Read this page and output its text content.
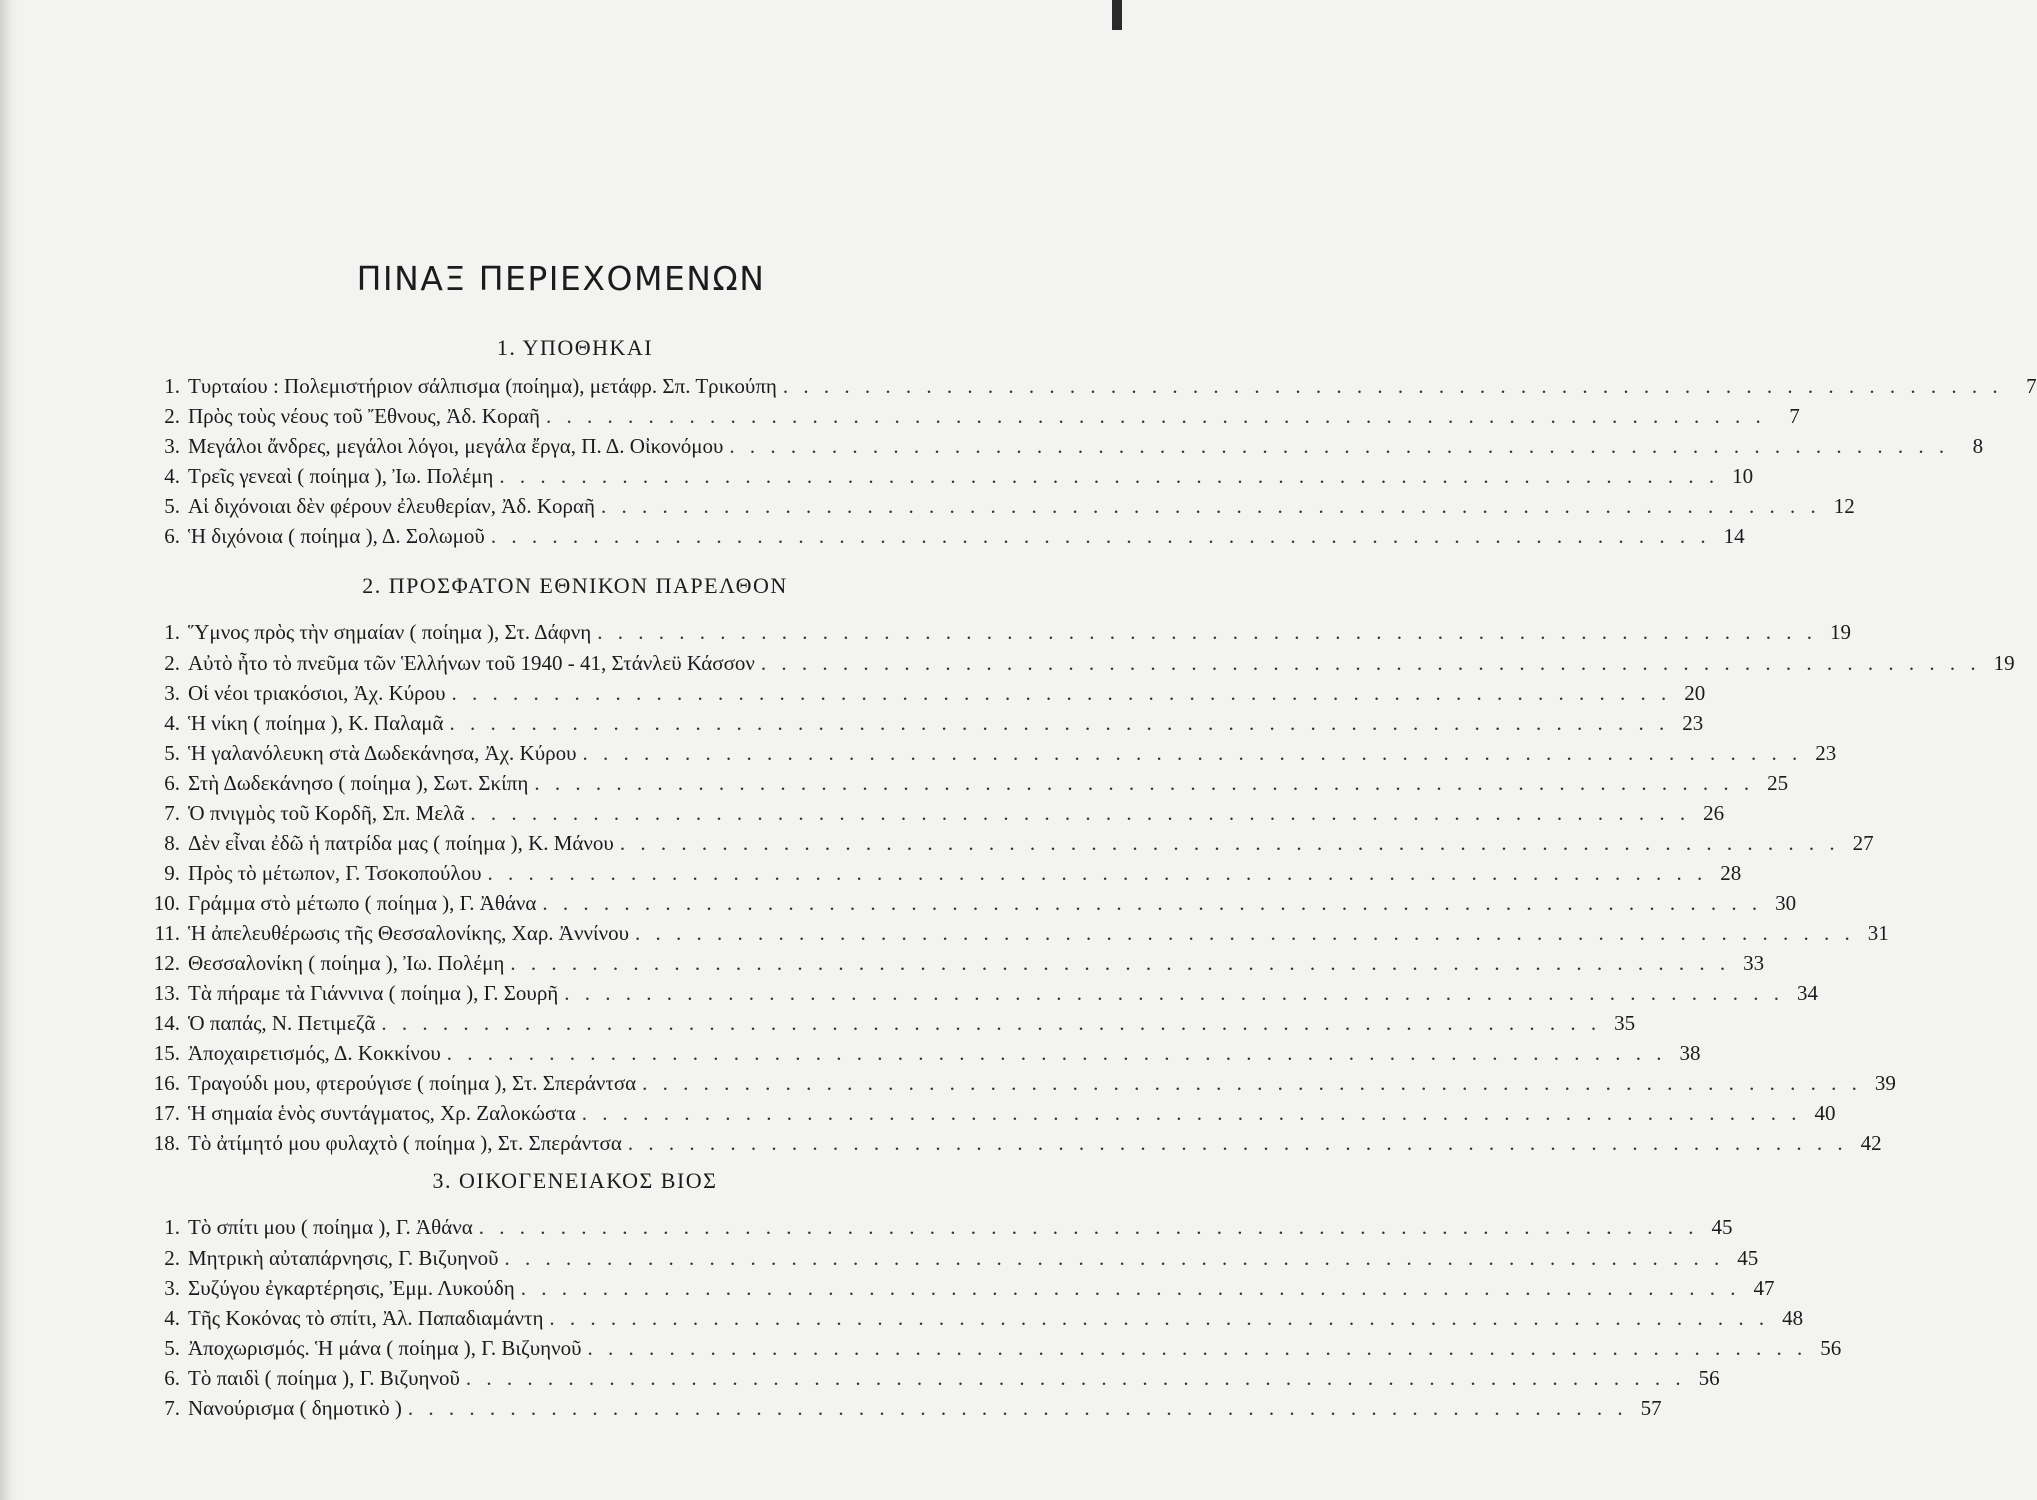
ΠΙΝΑΞ ΠΕΡΙΕΧΟΜΕΝΩΝ
1. ΥΠΟΘΗΚΑΙ
1. Τυρταίου : Πολεμιστήριον σάλπισμα (ποίημα), μετάφρ. Σπ. Τρικούπη . . . . . . . . . . . . . . . . . . . . . . . . . . . . . . . . . . . . . . . . . . . . . . . . . . . . . . . . . . . .	7
2. Πρὸς τοὺς νέους τοῦ Ἔθνους, Ἀδ. Κοραῆ . . . . . . . . . . . . . . . . . . . . . . . . . . . . . . . . . . . . . . . . . . . . . . . . . . . . . . . . . . . .	7
3. Μεγάλοι ἄνδρες, μεγάλοι λόγοι, μεγάλα ἔργα, Π. Δ. Οἰκονόμου . . . . . . . . . . . . . . . . . . . . . . . . . . . . . . . . . . . . . . . . . . . . . . . . . . . . . . . . . . . .	8
4. Τρεῖς γενεαὶ ( ποίημα ), Ἰω. Πολέμη . . . . . . . . . . . . . . . . . . . . . . . . . . . . . . . . . . . . . . . . . . . . . . . . . . . . . . . . . . . . 10
5. Αἱ διχόνοιαι δὲν φέρουν ἐλευθερίαν, Ἀδ. Κοραῆ . . . . . . . . . . . . . . . . . . . . . . . . . . . . . . . . . . . . . . . . . . . . . . . . . . . . . . . . . . . . 12
6. Ἡ διχόνοια ( ποίημα ), Δ. Σολωμοῦ . . . . . . . . . . . . . . . . . . . . . . . . . . . . . . . . . . . . . . . . . . . . . . . . . . . . . . . . . . . . 14
2. ΠΡΟΣΦΑΤΟΝ ΕΘΝΙΚΟΝ ΠΑΡΕΛΘΟΝ
1. Ὕμνος πρὸς τὴν σημαίαν ( ποίημα ), Στ. Δάφνη . . . . . . . . . . . . . . . . . . . . . . . . . . . . . . . . . . . . . . . . . . . . . . . . . . . . . . . . . . . . 19
2. Αὐτὸ ἦτο τὸ πνεῦμα τῶν Ἑλλήνων τοῦ 1940 - 41, Στάνλεϋ Κάσσον . . . . . . . . . . . . . . . . . . . . . . . . . . . . . . . . . . . . . . . . . . . . . . . . . . . . . . . . . . . . 19
3. Οἱ νέοι τριακόσιοι, Ἀχ. Κύρου . . . . . . . . . . . . . . . . . . . . . . . . . . . . . . . . . . . . . . . . . . . . . . . . . . . . . . . . . . . . 20
4. Ἡ νίκη ( ποίημα ), Κ. Παλαμᾶ . . . . . . . . . . . . . . . . . . . . . . . . . . . . . . . . . . . . . . . . . . . . . . . . . . . . . . . . . . . . 23
5. Ἡ γαλανόλευκη στὰ Δωδεκάνησα, Ἀχ. Κύρου . . . . . . . . . . . . . . . . . . . . . . . . . . . . . . . . . . . . . . . . . . . . . . . . . . . . . . . . . . . . 23
6. Στὴ Δωδεκάνησο ( ποίημα ), Σωτ. Σκίπη . . . . . . . . . . . . . . . . . . . . . . . . . . . . . . . . . . . . . . . . . . . . . . . . . . . . . . . . . . . . 25
7. Ὁ πνιγμὸς τοῦ Κορδῆ, Σπ. Μελᾶ . . . . . . . . . . . . . . . . . . . . . . . . . . . . . . . . . . . . . . . . . . . . . . . . . . . . . . . . . . . . 26
8. Δὲν εἶναι ἐδῶ ἡ πατρίδα μας ( ποίημα ), Κ. Μάνου . . . . . . . . . . . . . . . . . . . . . . . . . . . . . . . . . . . . . . . . . . . . . . . . . . . . . . . . . . . . 27
9. Πρὸς τὸ μέτωπον, Γ. Τσοκοπούλου . . . . . . . . . . . . . . . . . . . . . . . . . . . . . . . . . . . . . . . . . . . . . . . . . . . . . . . . . . . . 28
10. Γράμμα στὸ μέτωπο ( ποίημα ), Γ. Ἀθάνα . . . . . . . . . . . . . . . . . . . . . . . . . . . . . . . . . . . . . . . . . . . . . . . . . . . . . . . . . . . . 30
11. Ἡ ἀπελευθέρωσις τῆς Θεσσαλονίκης, Χαρ. Ἀννίνου . . . . . . . . . . . . . . . . . . . . . . . . . . . . . . . . . . . . . . . . . . . . . . . . . . . . . . . . . . . . 31
12. Θεσσαλονίκη ( ποίημα ), Ἰω. Πολέμη . . . . . . . . . . . . . . . . . . . . . . . . . . . . . . . . . . . . . . . . . . . . . . . . . . . . . . . . . . . . 33
13. Τὰ πήραμε τὰ Γιάννινα ( ποίημα ), Γ. Σουρῆ . . . . . . . . . . . . . . . . . . . . . . . . . . . . . . . . . . . . . . . . . . . . . . . . . . . . . . . . . . . . 34
14. Ὁ παπάς, Ν. Πετιμεζᾶ . . . . . . . . . . . . . . . . . . . . . . . . . . . . . . . . . . . . . . . . . . . . . . . . . . . . . . . . . . . . 35
15. Ἀποχαιρετισμός, Δ. Κοκκίνου . . . . . . . . . . . . . . . . . . . . . . . . . . . . . . . . . . . . . . . . . . . . . . . . . . . . . . . . . . . . 38
16. Τραγούδι μου, φτερούγισε ( ποίημα ), Στ. Σπεράντσα . . . . . . . . . . . . . . . . . . . . . . . . . . . . . . . . . . . . . . . . . . . . . . . . . . . . . . . . . . . . 39
17. Ἡ σημαία ἑνὸς συντάγματος, Χρ. Ζαλοκώστα . . . . . . . . . . . . . . . . . . . . . . . . . . . . . . . . . . . . . . . . . . . . . . . . . . . . . . . . . . . . 40
18. Τὸ ἀτίμητό μου φυλαχτὸ ( ποίημα ), Στ. Σπεράντσα . . . . . . . . . . . . . . . . . . . . . . . . . . . . . . . . . . . . . . . . . . . . . . . . . . . . . . . . . . . . 42
3. ΟΙΚΟΓΕΝΕΙΑΚΟΣ ΒΙΟΣ
1. Τὸ σπίτι μου ( ποίημα ), Γ. Ἀθάνα . . . . . . . . . . . . . . . . . . . . . . . . . . . . . . . . . . . . . . . . . . . . . . . . . . . . . . . . . . . . 45
2. Μητρικὴ αὐταπάρνησις, Γ. Βιζυηνοῦ . . . . . . . . . . . . . . . . . . . . . . . . . . . . . . . . . . . . . . . . . . . . . . . . . . . . . . . . . . . . 45
3. Συζύγου ἐγκαρτέρησις, Ἐμμ. Λυκούδη . . . . . . . . . . . . . . . . . . . . . . . . . . . . . . . . . . . . . . . . . . . . . . . . . . . . . . . . . . . . 47
4. Τῆς Κοκόνας τὸ σπίτι, Ἀλ. Παπαδιαμάντη . . . . . . . . . . . . . . . . . . . . . . . . . . . . . . . . . . . . . . . . . . . . . . . . . . . . . . . . . . . . 48
5. Ἀποχωρισμός. Ἡ μάνα ( ποίημα ), Γ. Βιζυηνοῦ . . . . . . . . . . . . . . . . . . . . . . . . . . . . . . . . . . . . . . . . . . . . . . . . . . . . . . . . . . . . 56
6. Τὸ παιδὶ ( ποίημα ), Γ. Βιζυηνοῦ . . . . . . . . . . . . . . . . . . . . . . . . . . . . . . . . . . . . . . . . . . . . . . . . . . . . . . . . . . . . 56
7. Νανούρισμα ( δημοτικὸ ) . . . . . . . . . . . . . . . . . . . . . . . . . . . . . . . . . . . . . . . . . . . . . . . . . . . . . . . . . . . . 57
